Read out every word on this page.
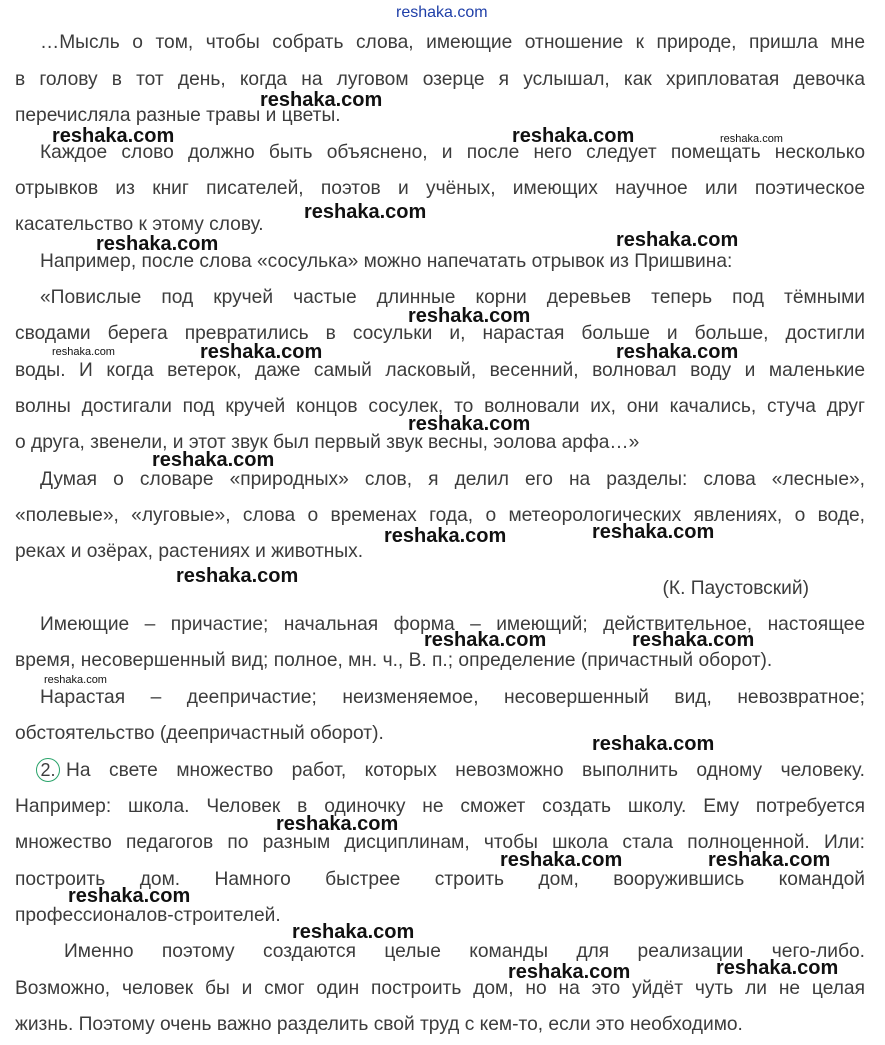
reshaka.com
…Мысль о том, чтобы собрать слова, имеющие отношение к природе, пришла мне
в голову в тот день, когда на луговом озерце я услышал, как хрипловатая девочка
перечисляла разные травы и цветы.
Каждое слово должно быть объяснено, и после него следует помещать несколько
отрывков из книг писателей, поэтов и учёных, имеющих научное или поэтическое
касательство к этому слову.
Например, после слова «сосулька» можно напечатать отрывок из Пришвина:
«Повислые под кручей частые длинные корни деревьев теперь под тёмными
сводами берега превратились в сосульки и, нарастая больше и больше, достигли
воды. И когда ветерок, даже самый ласковый, весенний, волновал воду и маленькие
волны достигали под кручей концов сосулек, то волновали их, они качались, стуча друг
о друга, звенели, и этот звук был первый звук весны, эолова арфа…»
Думая о словаре «природных» слов, я делил его на разделы: слова «лесные»,
«полевые», «луговые», слова о временах года, о метеорологических явлениях, о воде,
реках и озёрах, растениях и животных.
(К. Паустовский)
Имеющие – причастие; начальная форма – имеющий; действительное, настоящее
время, несовершенный вид; полное, мн. ч., В. п.; определение (причастный оборот).
Нарастая – деепричастие; неизменяемое, несовершенный вид, невозвратное;
обстоятельство (деепричастный оборот).
2. На свете множество работ, которых невозможно выполнить одному человеку.
Например: школа. Человек в одиночку не сможет создать школу. Ему потребуется
множество педагогов по разным дисциплинам, чтобы школа стала полноценной. Или:
построить дом. Намного быстрее строить дом, вооружившись командой
профессионалов-строителей.
Именно поэтому создаются целые команды для реализации чего-либо.
Возможно, человек бы и смог один построить дом, но на это уйдёт чуть ли не целая
жизнь. Поэтому очень важно разделить свой труд с кем-то, если это необходимо.
reshaka.com
reshaka.com	reshaka.com	reshaka.com
reshaka.com
reshaka.com	reshaka.com
reshaka.com
reshaka.com	reshaka.com	reshaka.com
reshaka.com
reshaka.com
reshaka.com	reshaka.com
reshaka.com
reshaka.com	reshaka.com
reshaka.com
reshaka.com
reshaka.com
reshaka.com	reshaka.com
reshaka.com
reshaka.com
reshaka.com	reshaka.com
